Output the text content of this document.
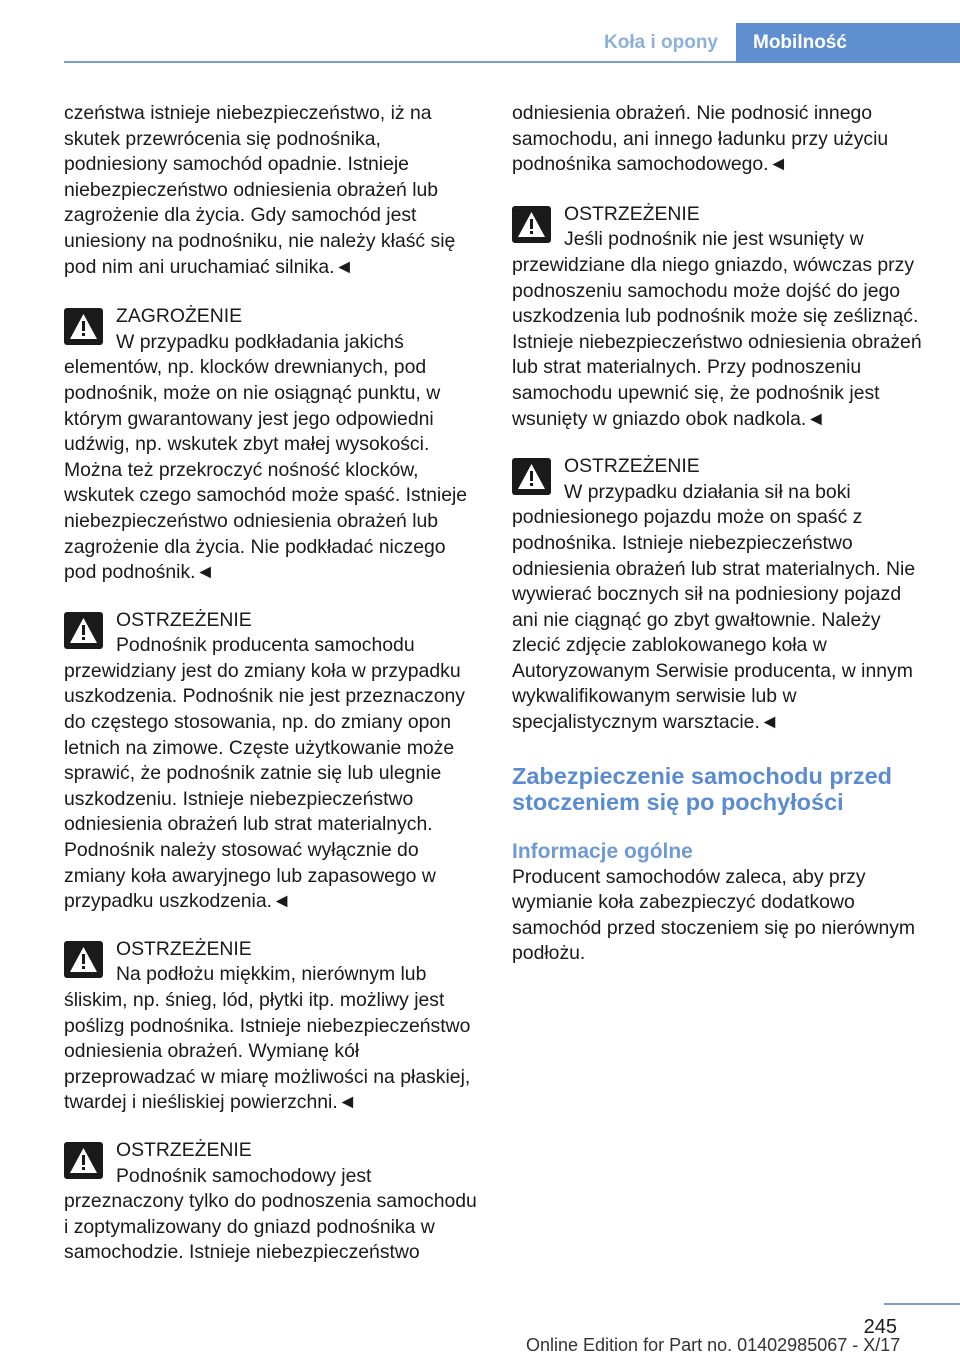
Koła i opony	Mobilność

czeństwa istnieje niebezpieczeństwo, iż na skutek przewrócenia się podnośnika, podniesiony samochód opadnie. Istnieje niebezpieczeństwo odniesienia obrażeń lub zagrożenie dla życia. Gdy samochód jest uniesiony na podnośniku, nie należy kłaść się pod nim ani uruchamiać silnika.◄

ZAGROŻENIE
W przypadku podkładania jakichś elementów, np. klocków drewnianych, pod podnośnik, może on nie osiągnąć punktu, w którym gwarantowany jest jego odpowiedni udźwig, np. wskutek zbyt małej wysokości. Można też przekroczyć nośność klocków, wskutek czego samochód może spaść. Istnieje niebezpieczeństwo odniesienia obrażeń lub zagrożenie dla życia. Nie podkładać niczego pod podnośnik.◄
OSTRZEŻENIE
Podnośnik producenta samochodu przewidziany jest do zmiany koła w przypadku uszkodzenia. Podnośnik nie jest przeznaczony do częstego stosowania, np. do zmiany opon letnich na zimowe. Częste użytkowanie może sprawić, że podnośnik zatnie się lub ulegnie uszkodzeniu. Istnieje niebezpieczeństwo odniesienia obrażeń lub strat materialnych. Podnośnik należy stosować wyłącznie do zmiany koła awaryjnego lub zapasowego w przypadku uszkodzenia.◄
OSTRZEŻENIE
Na podłożu miękkim, nierównym lub śliskim, np. śnieg, lód, płytki itp. możliwy jest poślizg podnośnika. Istnieje niebezpieczeństwo odniesienia obrażeń. Wymianę kół przeprowadzać w miarę możliwości na płaskiej, twardej i nieśliskiej powierzchni.◄
OSTRZEŻENIE
Podnośnik samochodowy jest przeznaczony tylko do podnoszenia samochodu i zoptymalizowany do gniazd podnośnika w samochodzie. Istnieje niebezpieczeństwo

odniesienia obrażeń. Nie podnosić innego samochodu, ani innego ładunku przy użyciu podnośnika samochodowego.◄

OSTRZEŻENIE
Jeśli podnośnik nie jest wsunięty w przewidziane dla niego gniazdo, wówczas przy podnoszeniu samochodu może dojść do jego uszkodzenia lub podnośnik może się ześliznąć. Istnieje niebezpieczeństwo odniesienia obrażeń lub strat materialnych. Przy podnoszeniu samochodu upewnić się, że podnośnik jest wsunięty w gniazdo obok nadkola.◄
OSTRZEŻENIE
W przypadku działania sił na boki podniesionego pojazdu może on spaść z podnośnika. Istnieje niebezpieczeństwo odniesienia obrażeń lub strat materialnych. Nie wywierać bocznych sił na podniesiony pojazd ani nie ciągnąć go zbyt gwałtownie. Należy zlecić zdjęcie zablokowanego koła w Autoryzowanym Serwisie producenta, w innym wykwalifikowanym serwisie lub w specjalistycznym warsztacie.◄
Zabezpieczenie samochodu przed stoczeniem się po pochyłości
Informacje ogólne

Producent samochodów zaleca, aby przy wymianie koła zabezpieczyć dodatkowo samochód przed stoczeniem się po nierównym podłożu.

245
Online Edition for Part no. 01402985067 - X/17
